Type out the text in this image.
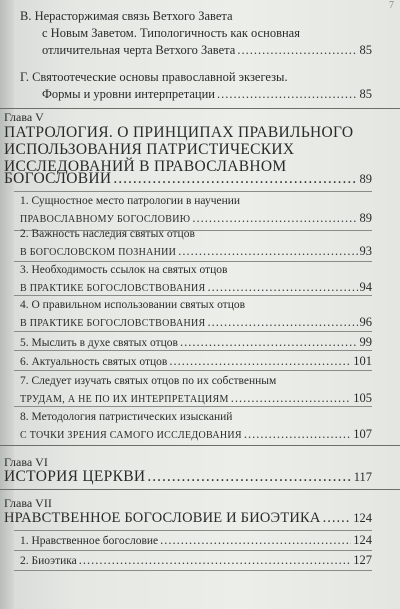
7
В. Нерасторжимая связь Ветхого Завета
с Новым Заветом. Типологичность как основная
отличительная черта Ветхого Завета .....	85
Г. Святоотеческие основы православной экзегезы.
Формы и уровни интерпретации .....	85
Глава V
ПАТРОЛОГИЯ. О ПРИНЦИПАХ ПРАВИЛЬНОГО
ИСПОЛЬЗОВАНИЯ ПАТРИСТИЧЕСКИХ
ИССЛЕДОВАНИЙ В ПРАВОСЛАВНОМ
БОГОСЛОВИИ .....	89
1. Сущностное место патрологии в научении
ПРАВОСЛАВНОМУ БОГОСЛОВИЮ .....	89
2. Важность наследия святых отцов
В БОГОСЛОВСКОМ ПОЗНАНИИ .....	93
3. Необходимость ссылок на святых отцов
В ПРАКТИКЕ БОГОСЛОВСТВОВАНИЯ .....	94
4. О правильном использовании святых отцов
В ПРАКТИКЕ БОГОСЛОВСТВОВАНИЯ .....	96
5. Мыслить в духе святых отцов .....	99
6. Актуальность святых отцов .....	101
7. Следует изучать святых отцов по их собственным
ТРУДАМ, А НЕ ПО ИХ ИНТЕРПРЕТАЦИЯМ .....	105
8. Методология патристических изысканий
С ТОЧКИ ЗРЕНИЯ САМОГО ИССЛЕДОВАНИЯ .....	107
Глава VI
ИСТОРИЯ ЦЕРКВИ .....	117
Глава VII
НРАВСТВЕННОЕ БОГОСЛОВИЕ И БИОЭТИКА .....	124
1. Нравственное богословие .....	124
2. Биоэтика .....	127
